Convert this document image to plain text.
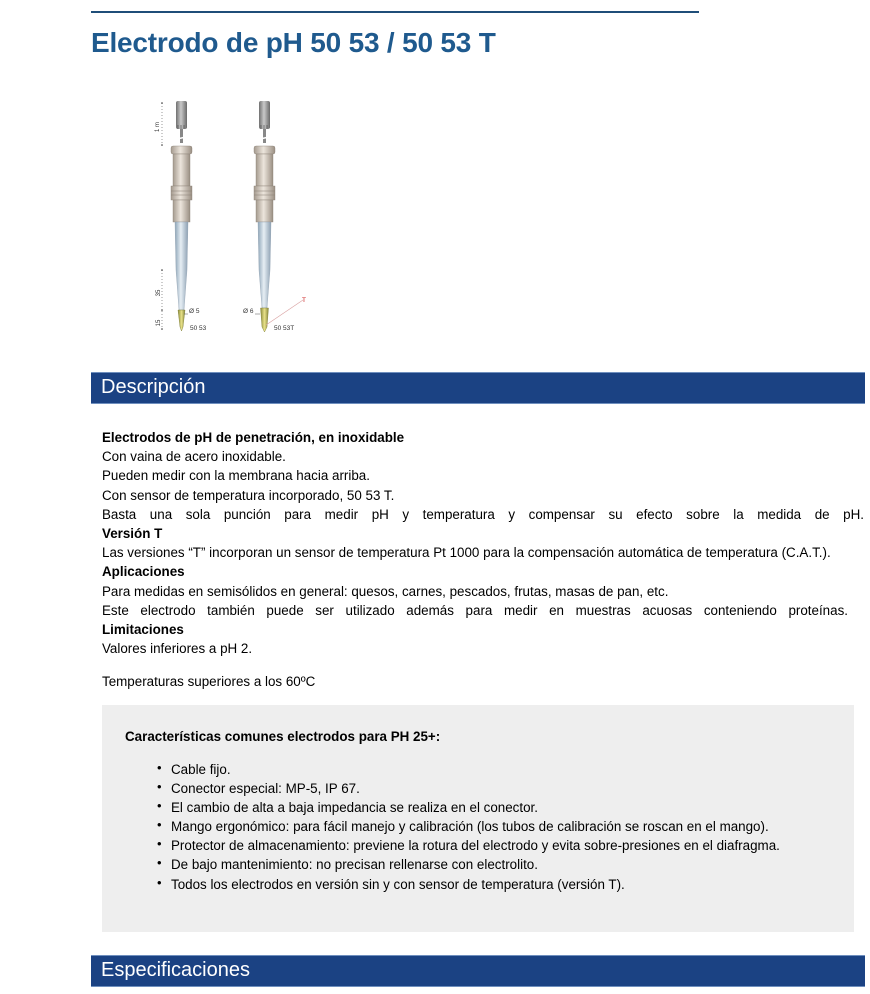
Electrodo de pH 50 53 / 50 53 T
1 m
35
15
Ø 5
50 53
Ø 6
T
50 53T
Descripción

Electrodos de pH de penetración, en inoxidable

Con vaina de acero inoxidable.

Pueden medir con la membrana hacia arriba.

Con sensor de temperatura incorporado, 50 53 T.

Basta una sola punción para medir pH y temperatura y compensar su efecto sobre la medida de pH.

Versión T

Las versiones “T” incorporan un sensor de temperatura Pt 1000 para la compensación automática de temperatura (C.A.T.).

Aplicaciones

Para medidas en semisólidos en general: quesos, carnes, pescados, frutas, masas de pan, etc.

Este electrodo también puede ser utilizado además para medir en muestras acuosas conteniendo proteínas.

Limitaciones

Valores inferiores a pH 2.

Temperaturas superiores a los 60ºC

Características comunes electrodos para PH 25+:
• Cable fijo.
• Conector especial: MP-5, IP 67.
• El cambio de alta a baja impedancia se realiza en el conector.
• Mango ergonómico: para fácil manejo y calibración (los tubos de calibración se roscan en el mango).
• Protector de almacenamiento: previene la rotura del electrodo y evita sobre-presiones en el diafragma.
• De bajo mantenimiento: no precisan rellenarse con electrolito.
• Todos los electrodos en versión sin y con sensor de temperatura (versión T).
Especificaciones
